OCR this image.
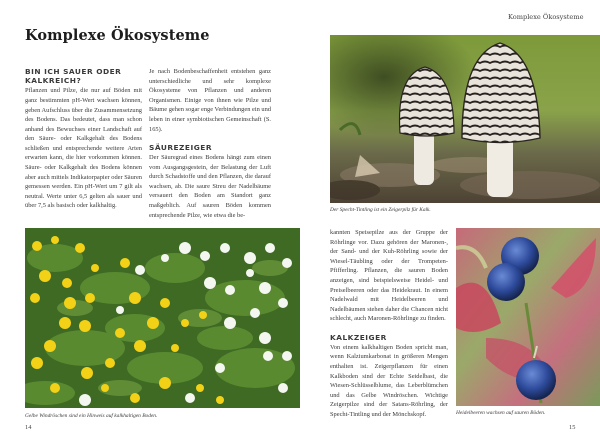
Komplexe Ökosysteme
Komplexe Ökosysteme
BIN ICH SAUER ODER KALKREICH?

Pflanzen und Pilze, die nur auf Böden mit ganz bestimmten pH-Wert wachsen können, geben Aufschluss über die Zusammensetzung des Bodens. Das bedeutet, dass man schon anhand des Bewuchses einer Landschaft auf den Säure- oder Kalkgehalt des Bodens schließen und entsprechende weitere Arten erwarten kann, die hier vorkommen können. Säure- oder Kalkgehalt des Bodens können aber auch mittels Indikatorpapier oder Säuren gemessen werden. Ein pH-Wert um 7 gilt als neutral. Werte unter 6,5 gelten als sauer und über 7,5 als basisch oder kalkhaltig.

Je nach Bodenbeschaffenheit entstehen ganz unterschiedliche und sehr komplexe Ökosysteme von Pflanzen und anderen Organismen. Einige von ihnen wie Pilze und Bäume gehen sogar enge Verbindungen ein und leben in einer symbiotischen Gemeinschaft (S. 165).

SÄUREZEIGER

Der Säuregrad eines Bodens hängt zum einen vom Ausgangsgestein, der Belastung der Luft durch Schadstoffe und den Pflanzen, die darauf wachsen, ab. Die saure Streu der Nadelbäume versauert den Boden am Standort ganz maßgeblich. Auf sauren Böden kommen entsprechende Pilze, wie etwa die be-

kannten Speisepilze aus der Gruppe der Röhrlinge vor. Dazu gehören der Maronen-, der Sand- und der Kuh-Röhrling sowie der Wiesel-Täubling oder der Trompeten-Pfifferling. Pflanzen, die sauren Boden anzeigen, sind beispielsweise Heidel- und Preiselbeeren oder das Heidekraut. In einem Nadelwald mit Heidelbeeren und Nadelbäumen stehen daher die Chancen nicht schlecht, auch Maronen-Röhrlinge zu finden.

KALKZEIGER

Von einem kalkhaltigen Boden spricht man, wenn Kalziumkarbonat in größeren Mengen enthalten ist. Zeigerpflanzen für einen Kalkboden sind der Echte Seidelbast, die Wiesen-Schlüsselblume, das Leberblümchen und das Gelbe Windröschen. Wichtige Zeigerpilze sind der Satans-Röhrling, der Specht-Tintling und der Mönchskopf.

Der Specht-Tintling ist ein Zeigerpilz für Kalk.
Gelbe Windröschen sind ein Hinweis auf kalkhaltigen Boden.	Heidelbeeren wachsen auf sauren Böden.
14	15
